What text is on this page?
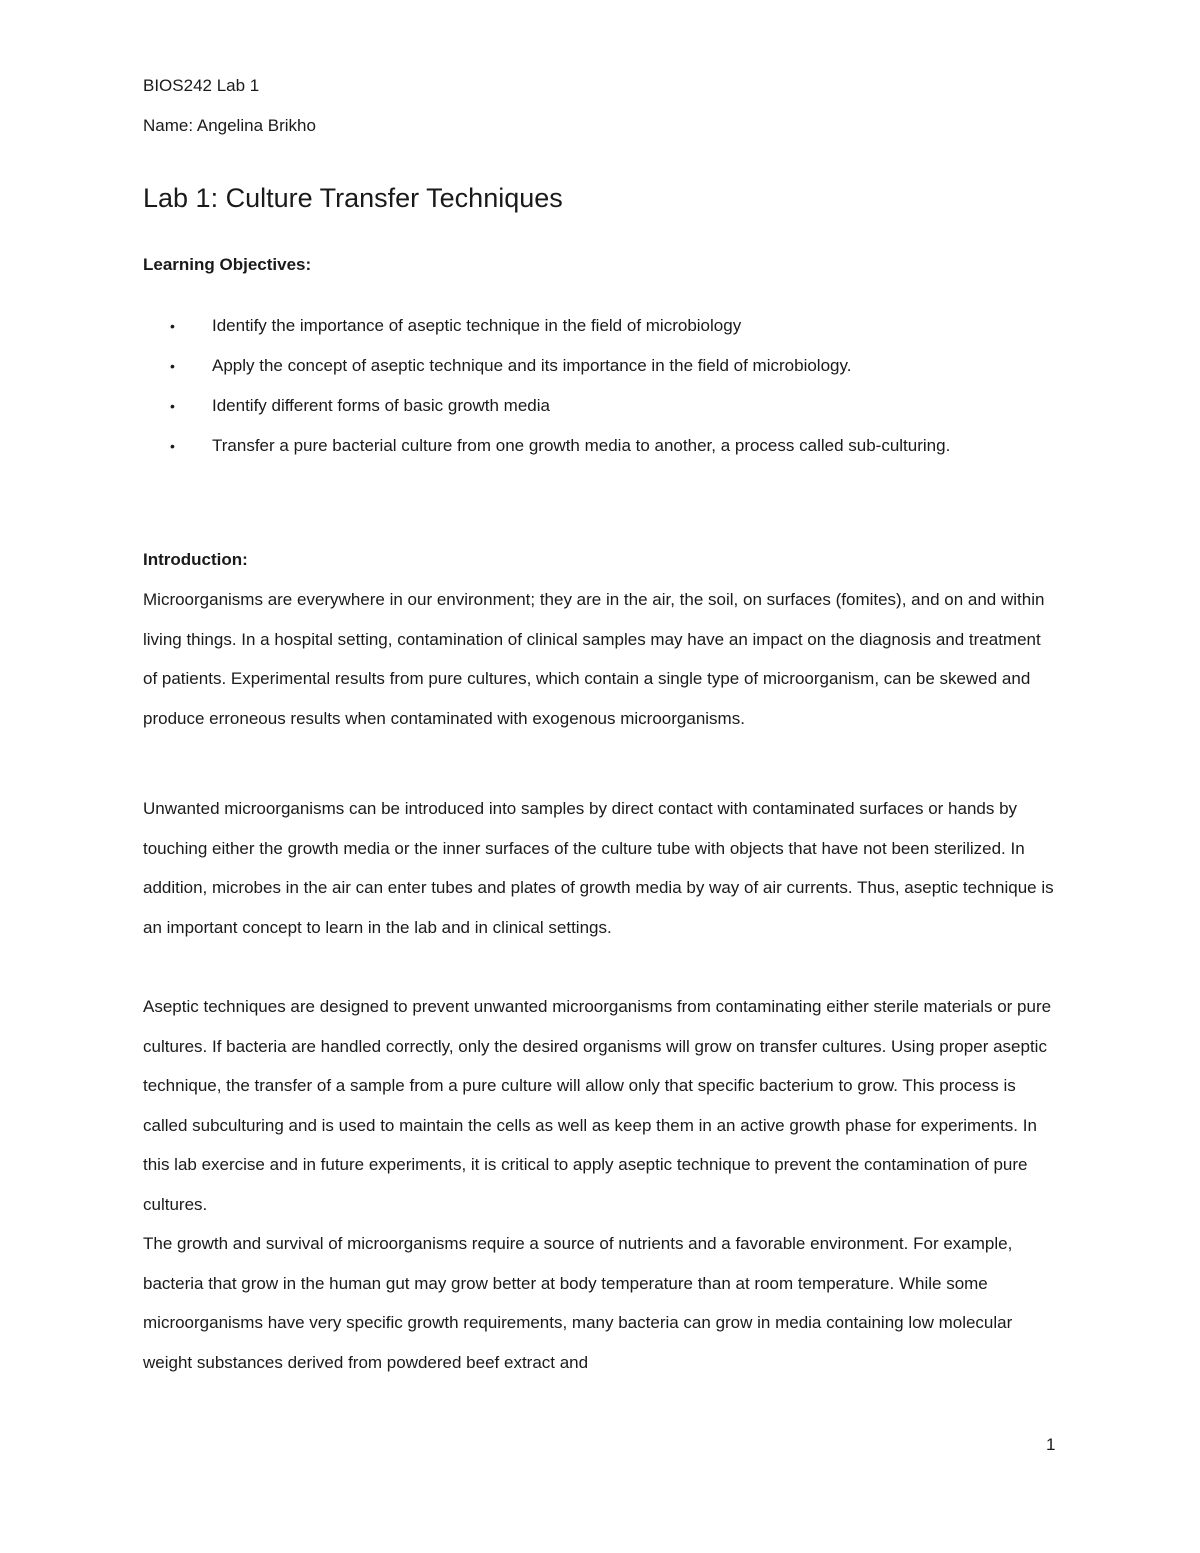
BIOS242 Lab 1
Name: Angelina Brikho
Lab 1: Culture Transfer Techniques
Learning Objectives:
• Identify the importance of aseptic technique in the field of microbiology
• Apply the concept of aseptic technique and its importance in the field of microbiology.
• Identify different forms of basic growth media
• Transfer a pure bacterial culture from one growth media to another, a process called sub-culturing.
Introduction:

Microorganisms are everywhere in our environment; they are in the air, the soil, on surfaces (fomites), and on and within living things. In a hospital setting, contamination of clinical samples may have an impact on the diagnosis and treatment of patients. Experimental results from pure cultures, which contain a single type of microorganism, can be skewed and produce erroneous results when contaminated with exogenous microorganisms.

Unwanted microorganisms can be introduced into samples by direct contact with contaminated surfaces or hands by touching either the growth media or the inner surfaces of the culture tube with objects that have not been sterilized. In addition, microbes in the air can enter tubes and plates of growth media by way of air currents. Thus, aseptic technique is an important concept to learn in the lab and in clinical settings.

Aseptic techniques are designed to prevent unwanted microorganisms from contaminating either sterile materials or pure cultures. If bacteria are handled correctly, only the desired organisms will grow on transfer cultures. Using proper aseptic technique, the transfer of a sample from a pure culture will allow only that specific bacterium to grow. This process is called subculturing and is used to maintain the cells as well as keep them in an active growth phase for experiments. In this lab exercise and in future experiments, it is critical to apply aseptic technique to prevent the contamination of pure cultures.

The growth and survival of microorganisms require a source of nutrients and a favorable environment. For example, bacteria that grow in the human gut may grow better at body temperature than at room temperature. While some microorganisms have very specific growth requirements, many bacteria can grow in media containing low molecular weight substances derived from powdered beef extract and

1
